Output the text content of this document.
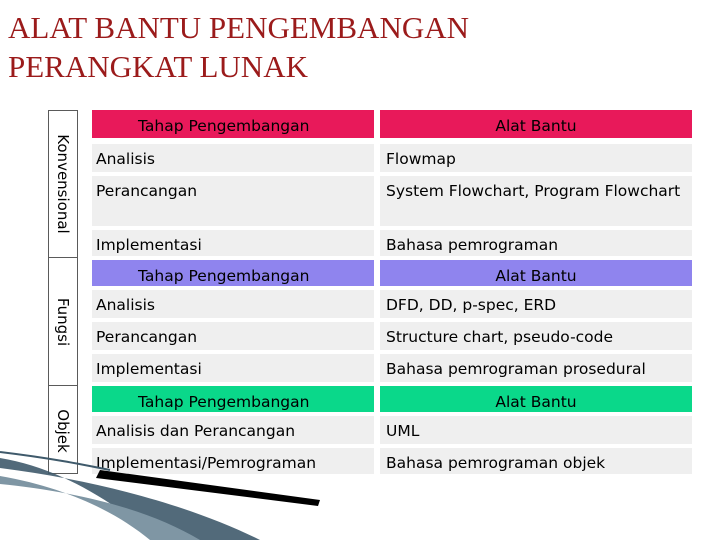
ALAT BANTU PENGEMBANGAN
PERANGKAT LUNAK
Konvensional
Fungsi
Objek
Tahap Pengembangan	Alat Bantu
Analisis	Flowmap
Perancangan	System Flowchart, Program Flowchart
Implementasi	Bahasa pemrograman
Tahap Pengembangan	Alat Bantu
Analisis	DFD, DD, p-spec, ERD
Perancangan	Structure chart, pseudo-code
Implementasi	Bahasa pemrograman prosedural
Tahap Pengembangan	Alat Bantu
Analisis dan Perancangan	UML
Implementasi/Pemrograman	Bahasa pemrograman objek
